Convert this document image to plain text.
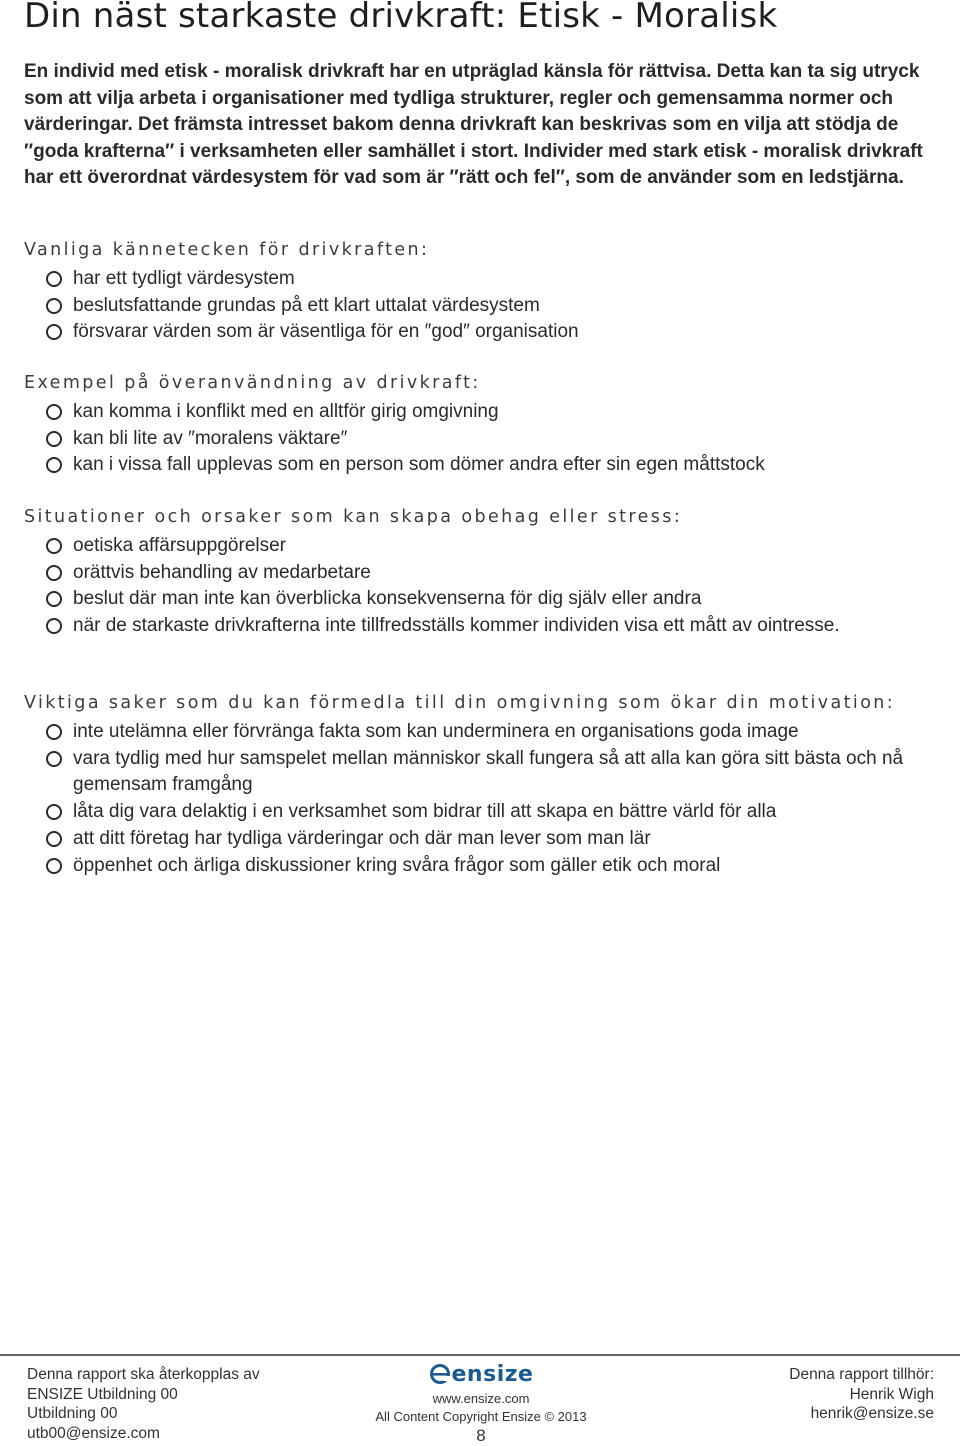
Din näst starkaste drivkraft: Etisk - Moralisk

En individ med etisk - moralisk drivkraft har en utpräglad känsla för rättvisa. Detta kan ta sig utryck som att vilja arbeta i organisationer med tydliga strukturer, regler och gemensamma normer och värderingar. Det främsta intresset bakom denna drivkraft kan beskrivas som en vilja att stödja de ″goda krafterna″ i verksamheten eller samhället i stort. Individer med stark etisk - moralisk drivkraft har ett överordnat värdesystem för vad som är ″rätt och fel″, som de använder som en ledstjärna.

Vanliga kännetecken för drivkraften:
har ett tydligt värdesystem
beslutsfattande grundas på ett klart uttalat värdesystem
försvarar värden som är väsentliga för en ″god″ organisation
Exempel på överanvändning av drivkraft:
kan komma i konflikt med en alltför girig omgivning
kan bli lite av ″moralens väktare″
kan i vissa fall upplevas som en person som dömer andra efter sin egen måttstock
Situationer och orsaker som kan skapa obehag eller stress:
oetiska affärsuppgörelser
orättvis behandling av medarbetare
beslut där man inte kan överblicka konsekvenserna för dig själv eller andra
när de starkaste drivkrafterna inte tillfredsställs kommer individen visa ett mått av ointresse.
Viktiga saker som du kan förmedla till din omgivning som ökar din motivation:
inte utelämna eller förvränga fakta som kan underminera en organisations goda image
vara tydlig med hur samspelet mellan människor skall fungera så att alla kan göra sitt bästa och nå gemensam framgång
låta dig vara delaktig i en verksamhet som bidrar till att skapa en bättre värld för alla
att ditt företag har tydliga värderingar och där man lever som man lär
öppenhet och ärliga diskussioner kring svåra frågor som gäller etik och moral
Denna rapport ska återkopplas av
ENSIZE Utbildning 00
Utbildning 00
utb00@ensize.com
ensize
www.ensize.com
All Content Copyright Ensize © 2013
8
Denna rapport tillhör:
Henrik Wigh
henrik@ensize.se
